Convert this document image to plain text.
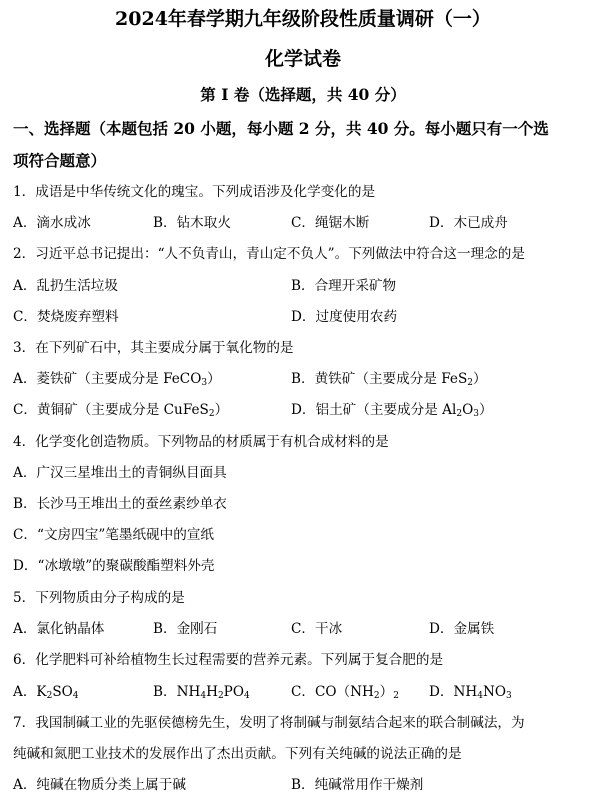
2024年春学期九年级阶段性质量调研（一）
化学试卷
第 I 卷（选择题，共 40 分）
一、选择题（本题包括 20 小题，每小题 2 分，共 40 分。每小题只有一个选
项符合题意）
1．成语是中华传统文化的瑰宝。下列成语涉及化学变化的是
A．滴水成冰	B．钻木取火	C．绳锯木断	D．木已成舟
2．习近平总书记提出：“人不负青山，青山定不负人”。下列做法中符合这一理念的是
A．乱扔生活垃圾	B．合理开采矿物
C．焚烧废弃塑料	D．过度使用农药
3．在下列矿石中，其主要成分属于氧化物的是
A．菱铁矿（主要成分是 FeCO$_3$）	B．黄铁矿（主要成分是 FeS$_2$）
C．黄铜矿（主要成分是 CuFeS$_2$）	D．铝土矿（主要成分是 $Al_2O_3$）
4．化学变化创造物质。下列物品的材质属于有机合成材料的是
A．广汉三星堆出土的青铜纵目面具
B．长沙马王堆出土的蚕丝素纱单衣
C．“文房四宝”笔墨纸砚中的宣纸
D．“冰墩墩”的聚碳酸酯塑料外壳
5．下列物质由分子构成的是
A．氯化钠晶体	B．金刚石	C．干冰	D．金属铁
6．化学肥料可补给植物生长过程需要的营养元素。下列属于复合肥的是
A．$K_2SO_4$	B．$NH_4H_2PO_4$	C．$CO(NH_2)_2$ D．$NH_4NO_3$
7．我国制碱工业的先驱侯德榜先生，发明了将制碱与制氨结合起来的联合制碱法，为
纯碱和氮肥工业技术的发展作出了杰出贡献。下列有关纯碱的说法正确的是
A．纯碱在物质分类上属于碱	B．纯碱常用作干燥剂
